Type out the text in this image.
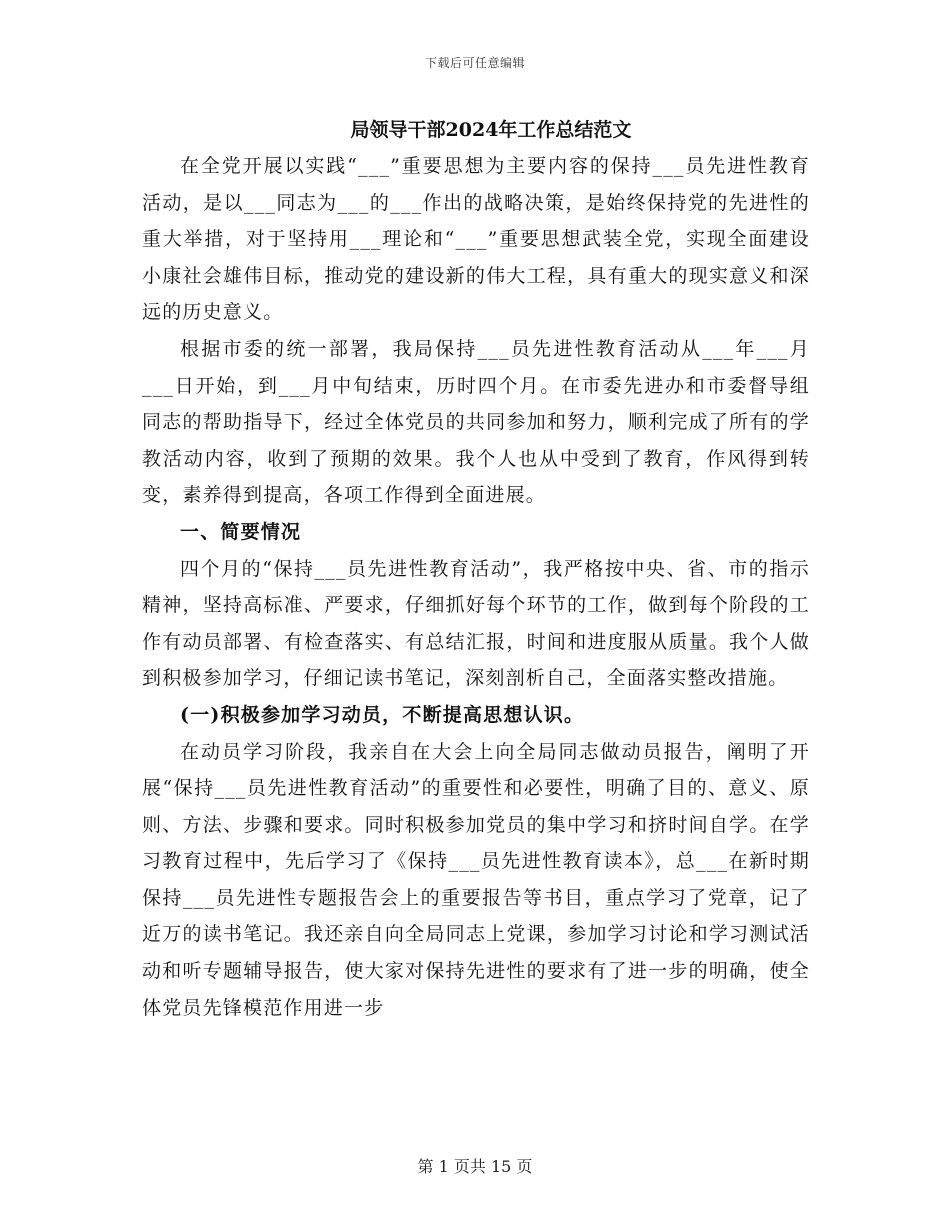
下载后可任意编辑
局领导干部2024年工作总结范文

在全党开展以实践“___”重要思想为主要内容的保持___员先进性教育活动，是以___同志为___的___作出的战略决策，是始终保持党的先进性的重大举措，对于坚持用___理论和“___”重要思想武装全党，实现全面建设小康社会雄伟目标，推动党的建设新的伟大工程，具有重大的现实意义和深远的历史意义。

根据市委的统一部署，我局保持___员先进性教育活动从___年___月___日开始，到___月中旬结束，历时四个月。在市委先进办和市委督导组同志的帮助指导下，经过全体党员的共同参加和努力，顺利完成了所有的学教活动内容，收到了预期的效果。我个人也从中受到了教育，作风得到转变，素养得到提高，各项工作得到全面进展。

一、简要情况

四个月的“保持___员先进性教育活动”，我严格按中央、省、市的指示精神，坚持高标准、严要求，仔细抓好每个环节的工作，做到每个阶段的工作有动员部署、有检查落实、有总结汇报，时间和进度服从质量。我个人做到积极参加学习，仔细记读书笔记，深刻剖析自己，全面落实整改措施。

(一)积极参加学习动员，不断提高思想认识。

在动员学习阶段，我亲自在大会上向全局同志做动员报告，阐明了开展“保持___员先进性教育活动”的重要性和必要性，明确了目的、意义、原则、方法、步骤和要求。同时积极参加党员的集中学习和挤时间自学。在学习教育过程中，先后学习了《保持___员先进性教育读本》，总___在新时期保持___员先进性专题报告会上的重要报告等书目，重点学习了党章，记了近万的读书笔记。我还亲自向全局同志上党课，参加学习讨论和学习测试活动和听专题辅导报告，使大家对保持先进性的要求有了进一步的明确，使全体党员先锋模范作用进一步

第 1 页共 15 页
